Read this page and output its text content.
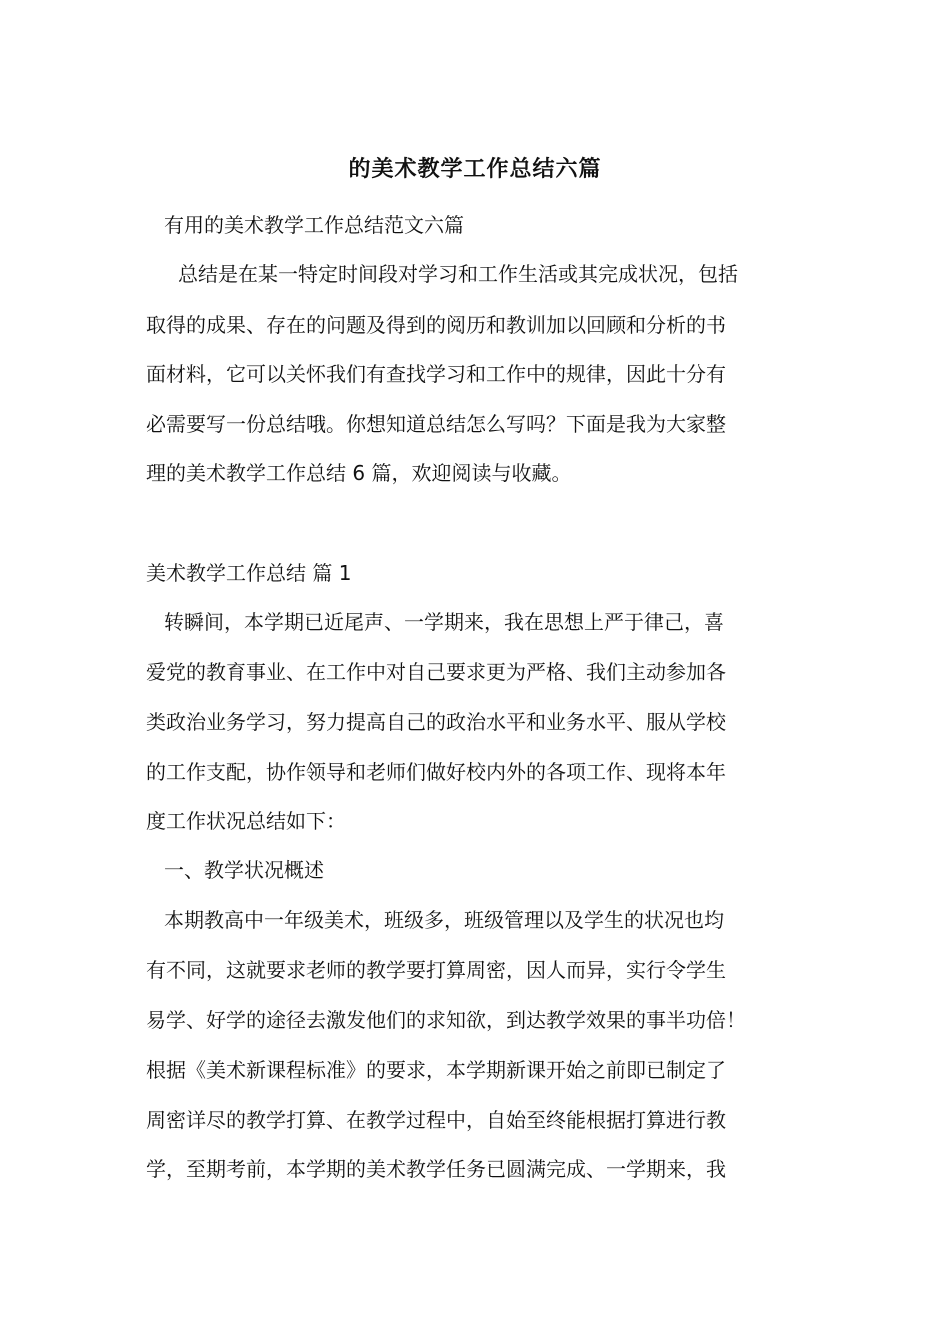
的美术教学工作总结六篇
有用的美术教学工作总结范文六篇
总结是在某一特定时间段对学习和工作生活或其完成状况，包括
取得的成果、存在的问题及得到的阅历和教训加以回顾和分析的书
面材料，它可以关怀我们有查找学习和工作中的规律，因此十分有
必需要写一份总结哦。你想知道总结怎么写吗？下面是我为大家整
理的美术教学工作总结 6 篇，欢迎阅读与收藏。
美术教学工作总结 篇 1
转瞬间，本学期已近尾声、一学期来，我在思想上严于律己，喜
爱党的教育事业、在工作中对自己要求更为严格、我们主动参加各
类政治业务学习，努力提高自己的政治水平和业务水平、服从学校
的工作支配，协作领导和老师们做好校内外的各项工作、现将本年
度工作状况总结如下：
一、教学状况概述
本期教高中一年级美术，班级多，班级管理以及学生的状况也均
有不同，这就要求老师的教学要打算周密，因人而异，实行令学生
易学、好学的途径去激发他们的求知欲，到达教学效果的事半功倍！
根据《美术新课程标准》的要求，本学期新课开始之前即已制定了
周密详尽的教学打算、在教学过程中，自始至终能根据打算进行教
学，至期考前，本学期的美术教学任务已圆满完成、一学期来，我
